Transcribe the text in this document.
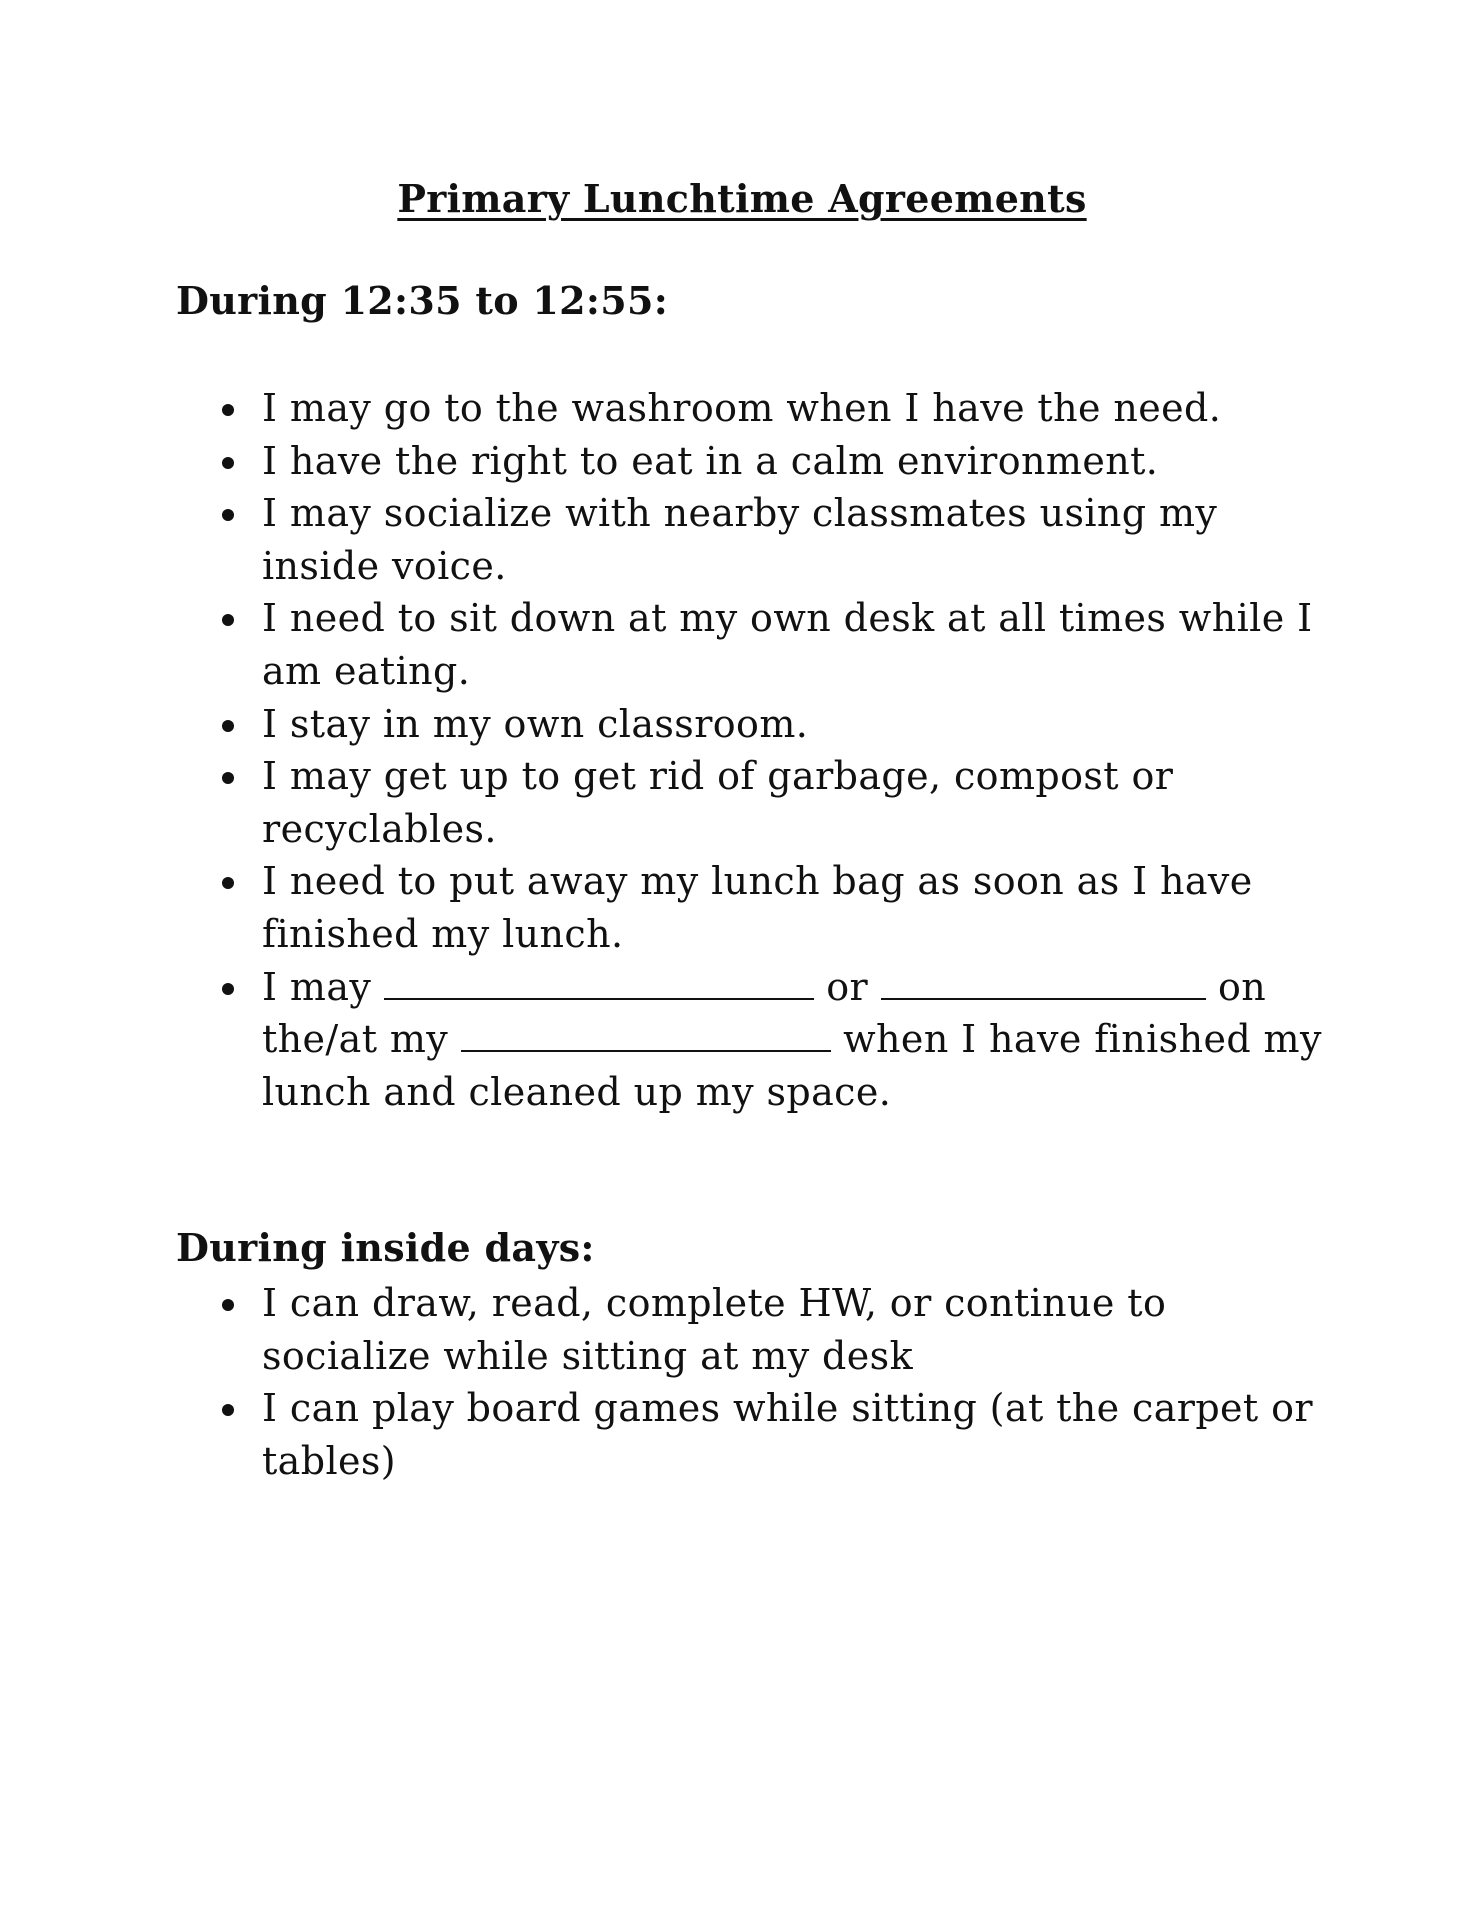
Primary Lunchtime Agreements
During 12:35 to 12:55:
I may go to the washroom when I have the need.
I have the right to eat in a calm environment.
I may socialize with nearby classmates using my inside voice.
I need to sit down at my own desk at all times while I am eating.
I stay in my own classroom.
I may get up to get rid of garbage, compost or recyclables.
I need to put away my lunch bag as soon as I have finished my lunch.
I may	or	on the/at my	when I have finished my lunch and cleaned up my space.
During inside days:
I can draw, read, complete HW, or continue to socialize while sitting at my desk
I can play board games while sitting (at the carpet or tables)
